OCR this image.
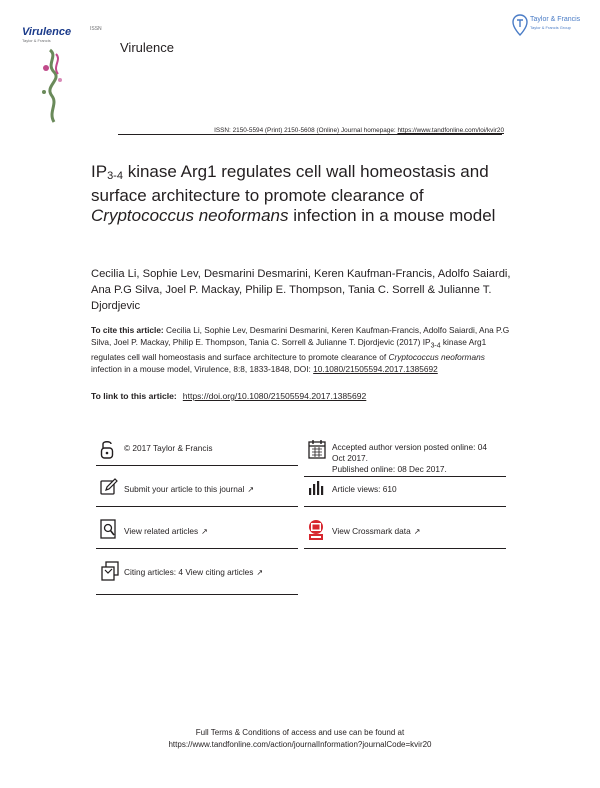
Virulence
Taylor & Francis
ISSN
Virulence
Taylor & Francis
Taylor & Francis Group
ISSN: 2150-5594 (Print) 2150-5608 (Online) Journal homepage: https://www.tandfonline.com/loi/kvir20
$IP_{3-4}$ kinase Arg1 regulates cell wall homeostasis and surface architecture to promote clearance of Cryptococcus neoformans infection in a mouse model
Cecilia Li, Sophie Lev, Desmarini Desmarini, Keren Kaufman-Francis, Adolfo Saiardi, Ana P.G Silva, Joel P. Mackay, Philip E. Thompson, Tania C. Sorrell & Julianne T. Djordjevic
To cite this article: Cecilia Li, Sophie Lev, Desmarini Desmarini, Keren Kaufman-Francis, Adolfo Saiardi, Ana P.G Silva, Joel P. Mackay, Philip E. Thompson, Tania C. Sorrell & Julianne T. Djordjevic (2017) $IP_{3-4}$ kinase Arg1 regulates cell wall homeostasis and surface architecture to promote clearance of Cryptococcus neoformans infection in a mouse model, Virulence, 8:8, 1833-1848, DOI: 10.1080/21505594.2017.1385692
To link to this article: https://doi.org/10.1080/21505594.2017.1385692
© 2017 Taylor & Francis
Submit your article to this journal ↗
View related articles ↗
Citing articles: 4 View citing articles ↗
Accepted author version posted online: 04
Oct 2017.
Published online: 08 Dec 2017.
Article views: 610
View Crossmark data ↗
Full Terms & Conditions of access and use can be found at
https://www.tandfonline.com/action/journalInformation?journalCode=kvir20
